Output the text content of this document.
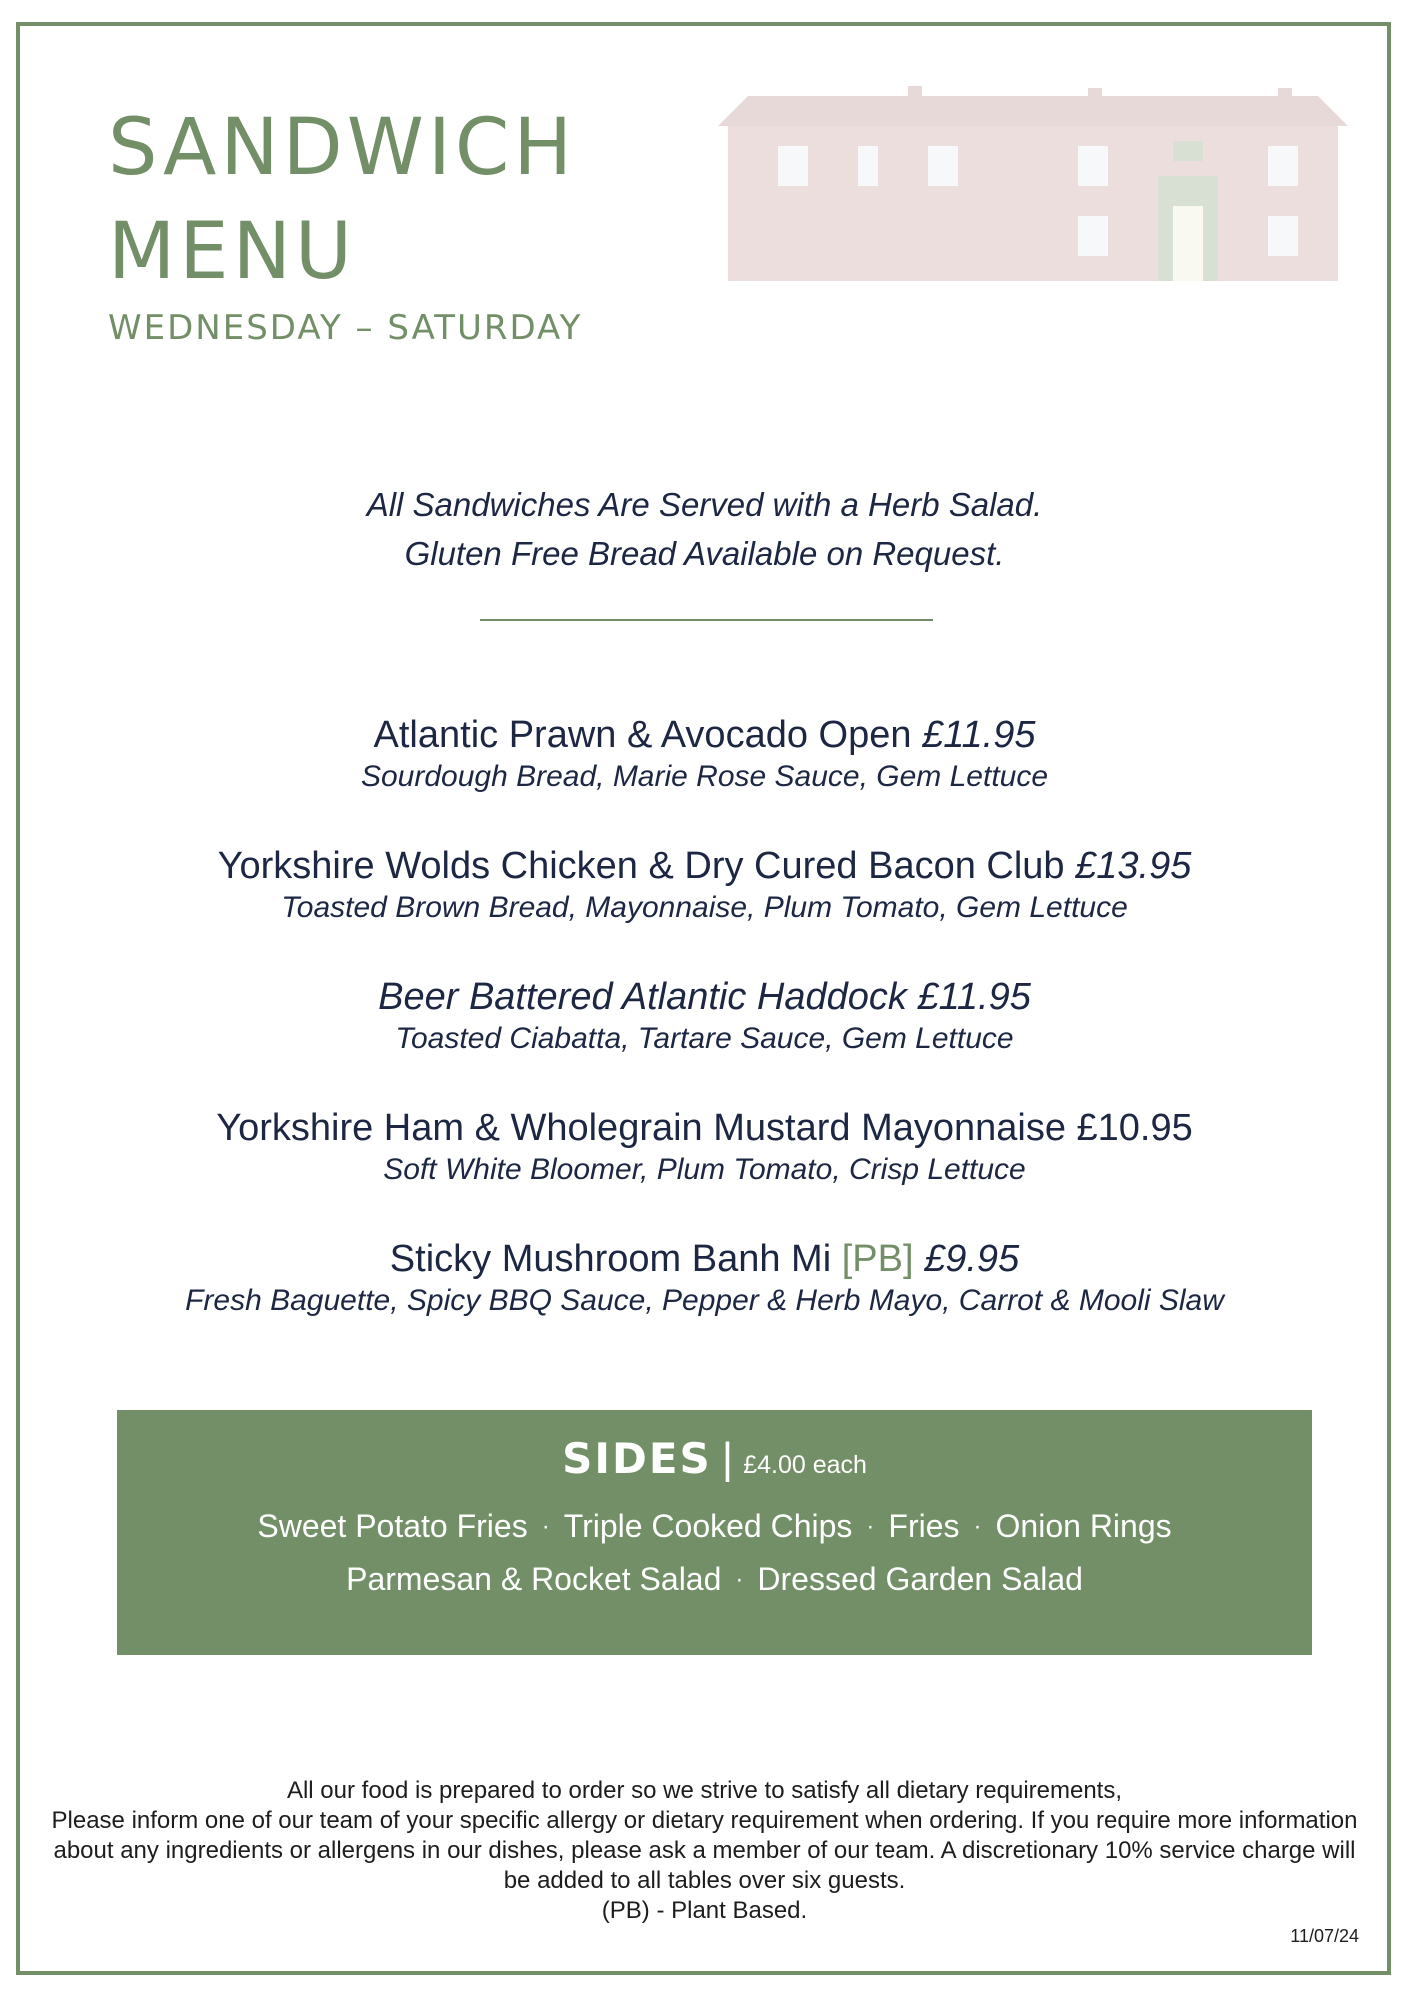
SANDWICH
MENU
WEDNESDAY – SATURDAY
All Sandwiches Are Served with a Herb Salad.
Gluten Free Bread Available on Request.
Atlantic Prawn & Avocado Open £11.95
Sourdough Bread, Marie Rose Sauce, Gem Lettuce
Yorkshire Wolds Chicken & Dry Cured Bacon Club £13.95
Toasted Brown Bread, Mayonnaise, Plum Tomato, Gem Lettuce
Beer Battered Atlantic Haddock £11.95
Toasted Ciabatta, Tartare Sauce, Gem Lettuce
Yorkshire Ham & Wholegrain Mustard Mayonnaise £10.95
Soft White Bloomer, Plum Tomato, Crisp Lettuce
Sticky Mushroom Banh Mi [PB] £9.95
Fresh Baguette, Spicy BBQ Sauce, Pepper & Herb Mayo, Carrot & Mooli Slaw
SIDES | £4.00 each
Sweet Potato Fries · Triple Cooked Chips · Fries · Onion Rings
Parmesan & Rocket Salad · Dressed Garden Salad
All our food is prepared to order so we strive to satisfy all dietary requirements,
Please inform one of our team of your specific allergy or dietary requirement when ordering. If you require more information about any ingredients or allergens in our dishes, please ask a member of our team. A discretionary 10% service charge will be added to all tables over six guests.
(PB) - Plant Based.
11/07/24
